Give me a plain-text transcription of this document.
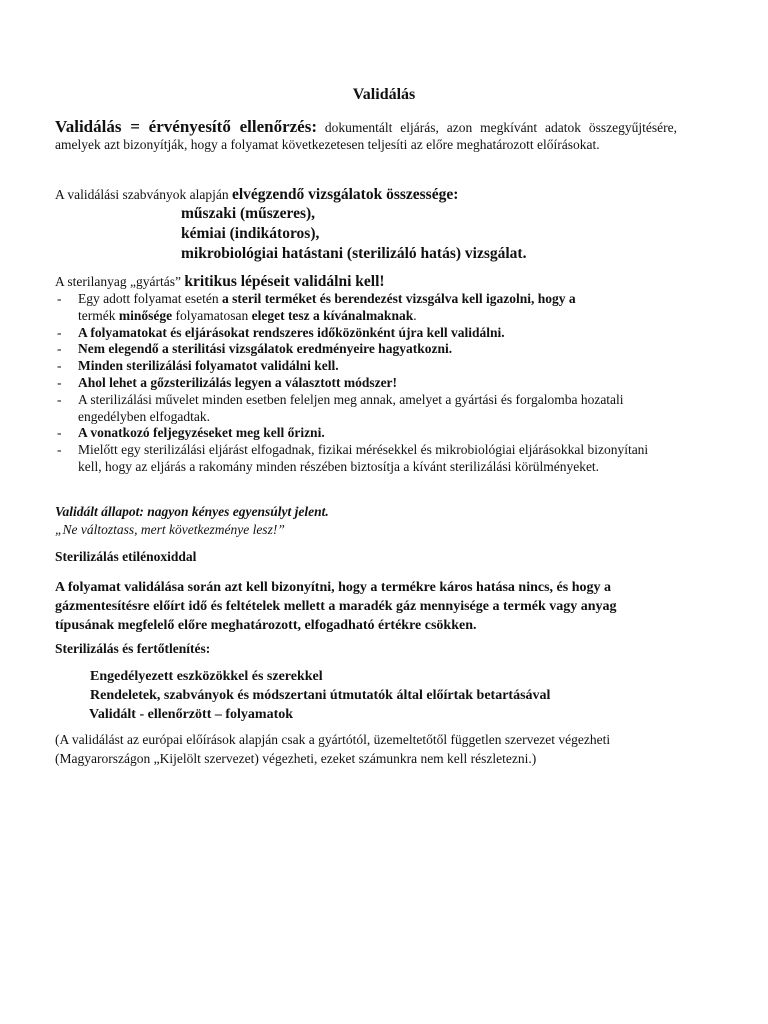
Validálás
Validálás = érvényesítő ellenőrzés: dokumentált eljárás, azon megkívánt adatok összegyűjtésére, amelyek azt bizonyítják, hogy a folyamat következetesen teljesíti az előre meghatározott előírásokat.
A validálási szabványok alapján elvégzendő vizsgálatok összessége:
műszaki (műszeres),
kémiai (indikátoros),
mikrobiológiai hatástani (sterilizáló hatás) vizsgálat.
A sterilanyag „gyártás” kritikus lépéseit validálni kell!
- Egy adott folyamat esetén a steril terméket és berendezést vizsgálva kell igazolni, hogy a
termék minősége folyamatosan eleget tesz a kívánalmaknak.
- A folyamatokat és eljárásokat rendszeres időközönként újra kell validálni.
- Nem elegendő a sterilitási vizsgálatok eredményeire hagyatkozni.
- Minden sterilizálási folyamatot validálni kell.
- Ahol lehet a gőzsterilizálás legyen a választott módszer!
- A sterilizálási művelet minden esetben feleljen meg annak, amelyet a gyártási és forgalomba hozatali engedélyben elfogadtak.
- A vonatkozó feljegyzéseket meg kell őrizni.
- Mielőtt egy sterilizálási eljárást elfogadnak, fizikai mérésekkel és mikrobiológiai eljárásokkal bizonyítani kell, hogy az eljárás a rakomány minden részében biztosítja a kívánt sterilizálási körülményeket.
Validált állapot: nagyon kényes egyensúlyt jelent.
„Ne változtass, mert következménye lesz!”
Sterilizálás etilénoxiddal
A folyamat validálása során azt kell bizonyítni, hogy a termékre káros hatása nincs, és hogy a gázmentesítésre előírt idő és feltételek mellett a maradék gáz mennyisége a termék vagy anyag típusának megfelelő előre meghatározott, elfogadható értékre csökken.
Sterilizálás és fertőtlenítés:
Engedélyezett eszközökkel és szerekkel
Rendeletek, szabványok és módszertani útmutatók által előírtak betartásával
Validált - ellenőrzött – folyamatok
(A validálást az európai előírások alapján csak a gyártótól, üzemeltetőtől független szervezet végezheti (Magyarországon „Kijelölt szervezet) végezheti, ezeket számunkra nem kell részletezni.)
